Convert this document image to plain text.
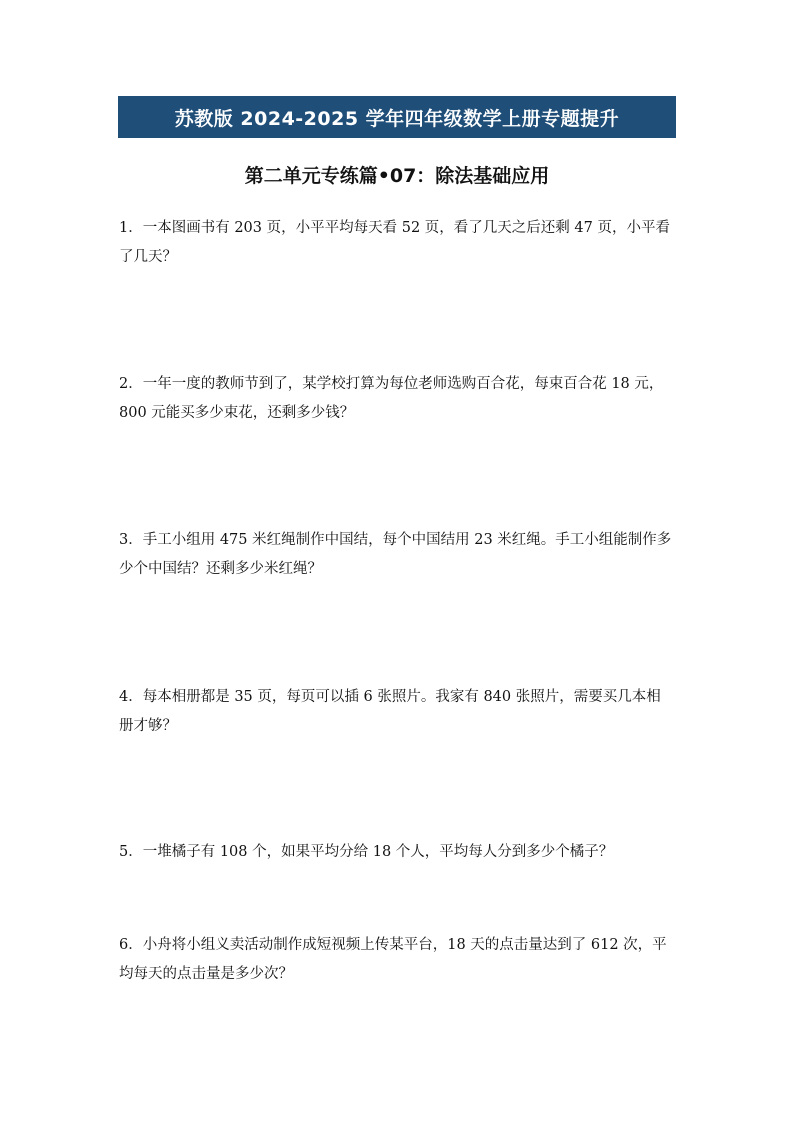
苏教版 2024-2025 学年四年级数学上册专题提升
第二单元专练篇•07：除法基础应用
1．一本图画书有 203 页，小平平均每天看 52 页，看了几天之后还剩 47 页，小平看了几天？
2．一年一度的教师节到了，某学校打算为每位老师选购百合花，每束百合花 18 元，800 元能买多少束花，还剩多少钱？
3．手工小组用 475 米红绳制作中国结，每个中国结用 23 米红绳。手工小组能制作多少个中国结？还剩多少米红绳？
4．每本相册都是 35 页，每页可以插 6 张照片。我家有 840 张照片，需要买几本相册才够？
5．一堆橘子有 108 个，如果平均分给 18 个人，平均每人分到多少个橘子？
6．小舟将小组义卖活动制作成短视频上传某平台，18 天的点击量达到了 612 次，平均每天的点击量是多少次？
